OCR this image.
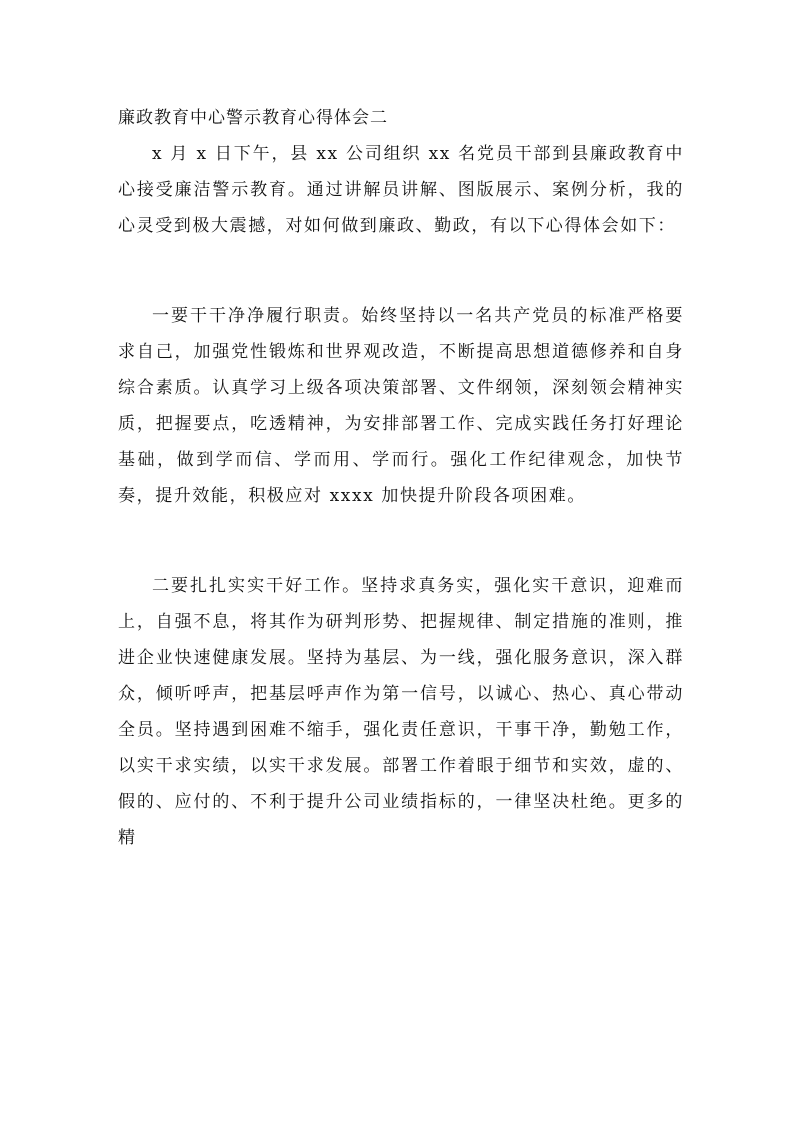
廉政教育中心警示教育心得体会二

x 月 x 日下午，县 xx 公司组织 xx 名党员干部到县廉政教育中心接受廉洁警示教育。通过讲解员讲解、图版展示、案例分析，我的心灵受到极大震撼，对如何做到廉政、勤政，有以下心得体会如下：

一要干干净净履行职责。始终坚持以一名共产党员的标准严格要求自己，加强党性锻炼和世界观改造，不断提高思想道德修养和自身综合素质。认真学习上级各项决策部署、文件纲领，深刻领会精神实质，把握要点，吃透精神，为安排部署工作、完成实践任务打好理论基础，做到学而信、学而用、学而行。强化工作纪律观念，加快节奏，提升效能，积极应对 xxxx 加快提升阶段各项困难。

二要扎扎实实干好工作。坚持求真务实，强化实干意识，迎难而上，自强不息，将其作为研判形势、把握规律、制定措施的准则，推进企业快速健康发展。坚持为基层、为一线，强化服务意识，深入群众，倾听呼声，把基层呼声作为第一信号，以诚心、热心、真心带动全员。坚持遇到困难不缩手，强化责任意识，干事干净，勤勉工作，以实干求实绩，以实干求发展。部署工作着眼于细节和实效，虚的、假的、应付的、不利于提升公司业绩指标的，一律坚决杜绝。更多的精
